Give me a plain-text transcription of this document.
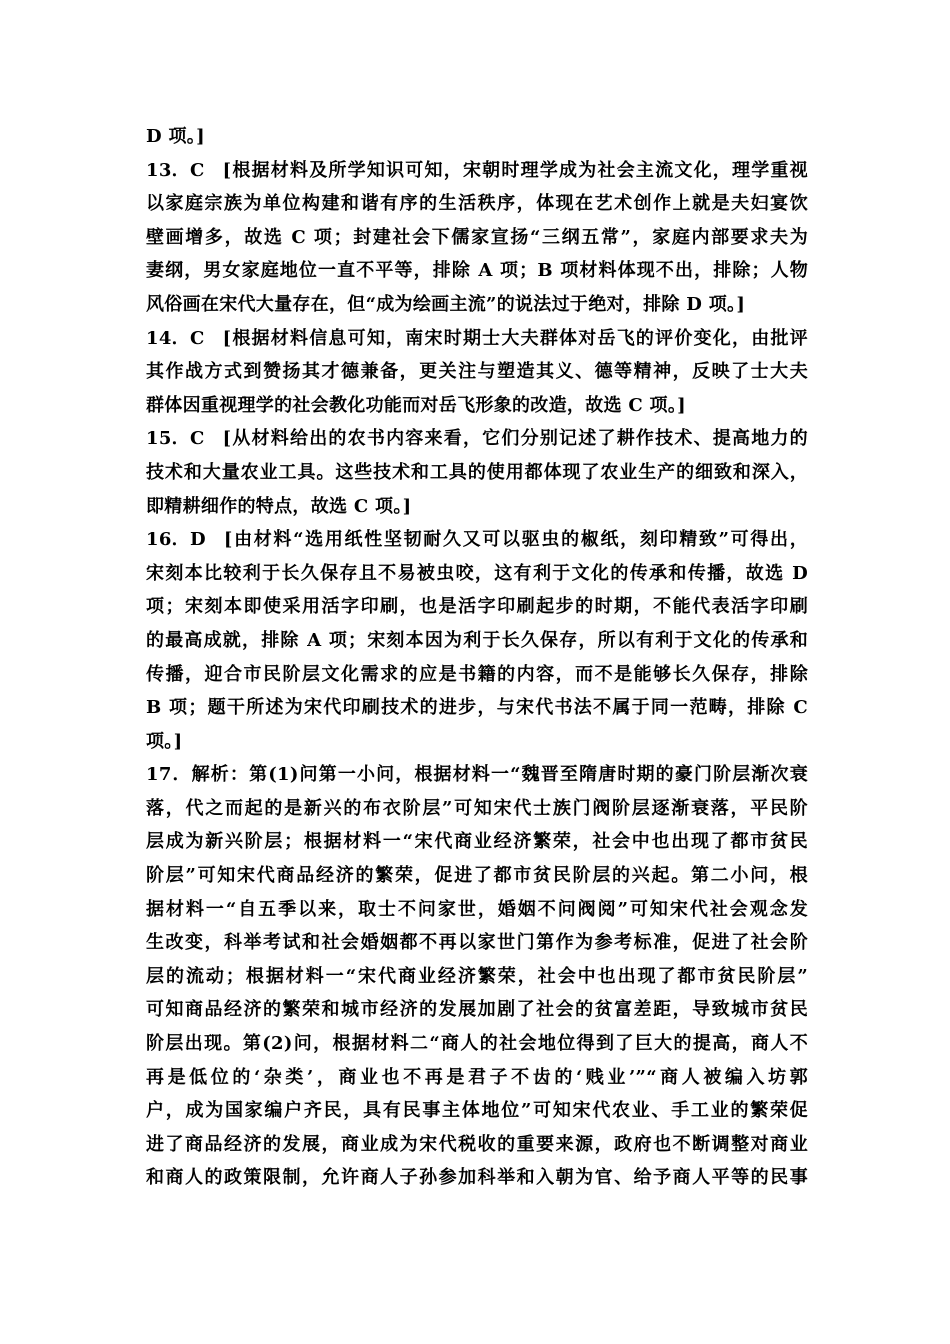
D 项。]
13．C [根据材料及所学知识可知，宋朝时理学成为社会主流文化，理学重视
以家庭宗族为单位构建和谐有序的生活秩序，体现在艺术创作上就是夫妇宴饮
壁画增多，故选 C 项；封建社会下儒家宣扬“三纲五常”，家庭内部要求夫为
妻纲，男女家庭地位一直不平等，排除 A 项；B 项材料体现不出，排除；人物
风俗画在宋代大量存在，但“成为绘画主流”的说法过于绝对，排除 D 项。]
14．C [根据材料信息可知，南宋时期士大夫群体对岳飞的评价变化，由批评
其作战方式到赞扬其才德兼备，更关注与塑造其义、德等精神，反映了士大夫
群体因重视理学的社会教化功能而对岳飞形象的改造，故选 C 项。]
15．C [从材料给出的农书内容来看，它们分别记述了耕作技术、提高地力的
技术和大量农业工具。这些技术和工具的使用都体现了农业生产的细致和深入，
即精耕细作的特点，故选 C 项。]
16．D [由材料“选用纸性坚韧耐久又可以驱虫的椒纸，刻印精致”可得出，
宋刻本比较利于长久保存且不易被虫咬，这有利于文化的传承和传播，故选 D
项；宋刻本即使采用活字印刷，也是活字印刷起步的时期，不能代表活字印刷
的最高成就，排除 A 项；宋刻本因为利于长久保存，所以有利于文化的传承和
传播，迎合市民阶层文化需求的应是书籍的内容，而不是能够长久保存，排除
B 项；题干所述为宋代印刷技术的进步，与宋代书法不属于同一范畴，排除 C
项。]
17．解析：第(1)问第一小问，根据材料一“魏晋至隋唐时期的豪门阶层渐次衰
落，代之而起的是新兴的布衣阶层”可知宋代士族门阀阶层逐渐衰落，平民阶
层成为新兴阶层；根据材料一“宋代商业经济繁荣，社会中也出现了都市贫民
阶层”可知宋代商品经济的繁荣，促进了都市贫民阶层的兴起。第二小问，根
据材料一“自五季以来，取士不问家世，婚姻不问阀阅”可知宋代社会观念发
生改变，科举考试和社会婚姻都不再以家世门第作为参考标准，促进了社会阶
层的流动；根据材料一“宋代商业经济繁荣，社会中也出现了都市贫民阶层”
可知商品经济的繁荣和城市经济的发展加剧了社会的贫富差距，导致城市贫民
阶层出现。第(2)问，根据材料二“商人的社会地位得到了巨大的提高，商人不
再是低位的‘杂类’，商业也不再是君子不齿的‘贱业’”“商人被编入坊郭
户，成为国家编户齐民，具有民事主体地位”可知宋代农业、手工业的繁荣促
进了商品经济的发展，商业成为宋代税收的重要来源，政府也不断调整对商业
和商人的政策限制，允许商人子孙参加科举和入朝为官、给予商人平等的民事
